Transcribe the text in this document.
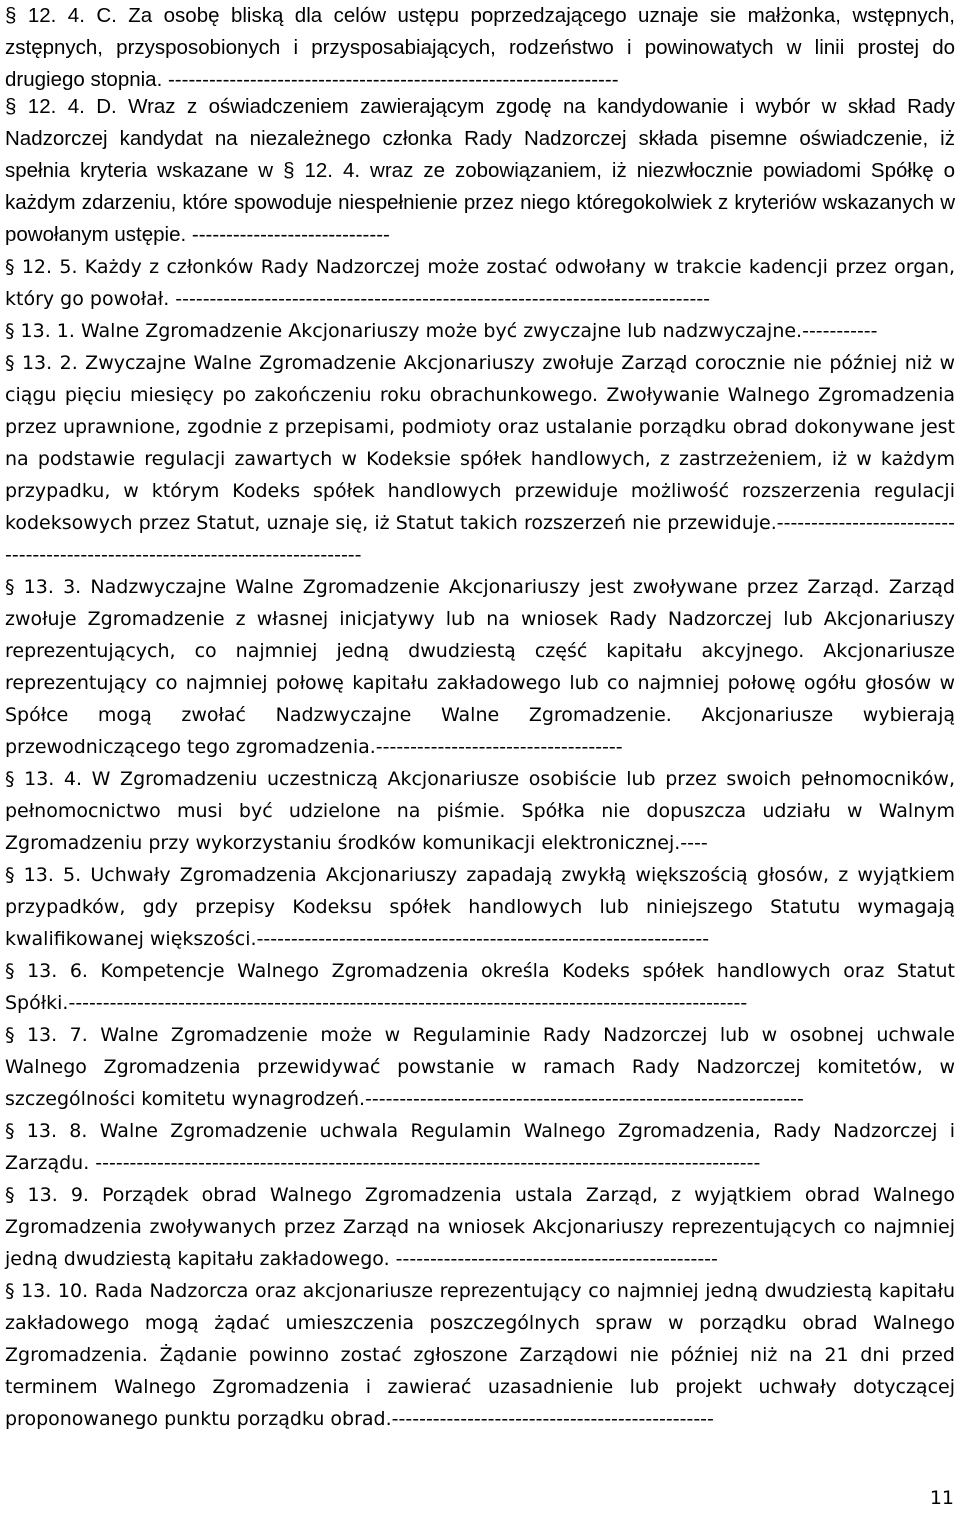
§ 12. 4. C. Za osobę bliską dla celów ustępu poprzedzającego uznaje sie małżonka, wstępnych, zstępnych, przysposobionych i przysposabiających, rodzeństwo i powinowatych w linii prostej do drugiego stopnia. ------------------------------------------------------------------

§ 12. 4. D. Wraz z oświadczeniem zawierającym zgodę na kandydowanie i wybór w skład Rady Nadzorczej kandydat na niezależnego członka Rady Nadzorczej składa pisemne oświadczenie, iż spełnia kryteria wskazane w § 12. 4. wraz ze zobowiązaniem, iż niezwłocznie powiadomi Spółkę o każdym zdarzeniu, które spowoduje niespełnienie przez niego któregokolwiek z kryteriów wskazanych w powołanym ustępie. -----------------------------

§ 12. 5. Każdy z członków Rady Nadzorczej może zostać odwołany w trakcie kadencji przez organ, który go powołał. ------------------------------------------------------------------------------

§ 13. 1. Walne Zgromadzenie Akcjonariuszy może być zwyczajne lub nadzwyczajne.-----------

§ 13. 2. Zwyczajne Walne Zgromadzenie Akcjonariuszy zwołuje Zarząd corocznie nie później niż w ciągu pięciu miesięcy po zakończeniu roku obrachunkowego. Zwoływanie Walnego Zgromadzenia przez uprawnione, zgodnie z przepisami, podmioty oraz ustalanie porządku obrad dokonywane jest na podstawie regulacji zawartych w Kodeksie spółek handlowych, z zastrzeżeniem, iż w każdym przypadku, w którym Kodeks spółek handlowych przewiduje możliwość rozszerzenia regulacji kodeksowych przez Statut, uznaje się, iż Statut takich rozszerzeń nie przewiduje.------------------------------------------------------------------------------

§ 13. 3. Nadzwyczajne Walne Zgromadzenie Akcjonariuszy jest zwoływane przez Zarząd. Zarząd zwołuje Zgromadzenie z własnej inicjatywy lub na wniosek Rady Nadzorczej lub Akcjonariuszy reprezentujących, co najmniej jedną dwudziestą część kapitału akcyjnego. Akcjonariusze reprezentujący co najmniej połowę kapitału zakładowego lub co najmniej połowę ogółu głosów w Spółce mogą zwołać Nadzwyczajne Walne Zgromadzenie. Akcjonariusze wybierają przewodniczącego tego zgromadzenia.------------------------------------

§ 13. 4. W Zgromadzeniu uczestniczą Akcjonariusze osobiście lub przez swoich pełnomocników, pełnomocnictwo musi być udzielone na piśmie. Spółka nie dopuszcza udziału w Walnym Zgromadzeniu przy wykorzystaniu środków komunikacji elektronicznej.----

§ 13. 5. Uchwały Zgromadzenia Akcjonariuszy zapadają zwykłą większością głosów, z wyjątkiem przypadków, gdy przepisy Kodeksu spółek handlowych lub niniejszego Statutu wymagają kwalifikowanej większości.------------------------------------------------------------------

§ 13. 6. Kompetencje Walnego Zgromadzenia określa Kodeks spółek handlowych oraz Statut Spółki.---------------------------------------------------------------------------------------------------

§ 13. 7. Walne Zgromadzenie może w Regulaminie Rady Nadzorczej lub w osobnej uchwale Walnego Zgromadzenia przewidywać powstanie w ramach Rady Nadzorczej komitetów, w szczególności komitetu wynagrodzeń.----------------------------------------------------------------

§ 13. 8. Walne Zgromadzenie uchwala Regulamin Walnego Zgromadzenia, Rady Nadzorczej i Zarządu. -------------------------------------------------------------------------------------------------

§ 13. 9. Porządek obrad Walnego Zgromadzenia ustala Zarząd, z wyjątkiem obrad Walnego Zgromadzenia zwoływanych przez Zarząd na wniosek Akcjonariuszy reprezentujących co najmniej jedną dwudziestą kapitału zakładowego. -----------------------------------------------

§ 13. 10. Rada Nadzorcza oraz akcjonariusze reprezentujący co najmniej jedną dwudziestą kapitału zakładowego mogą żądać umieszczenia poszczególnych spraw w porządku obrad Walnego Zgromadzenia. Żądanie powinno zostać zgłoszone Zarządowi nie później niż na 21 dni przed terminem Walnego Zgromadzenia i zawierać uzasadnienie lub projekt uchwały dotyczącej proponowanego punktu porządku obrad.-----------------------------------------------

11
